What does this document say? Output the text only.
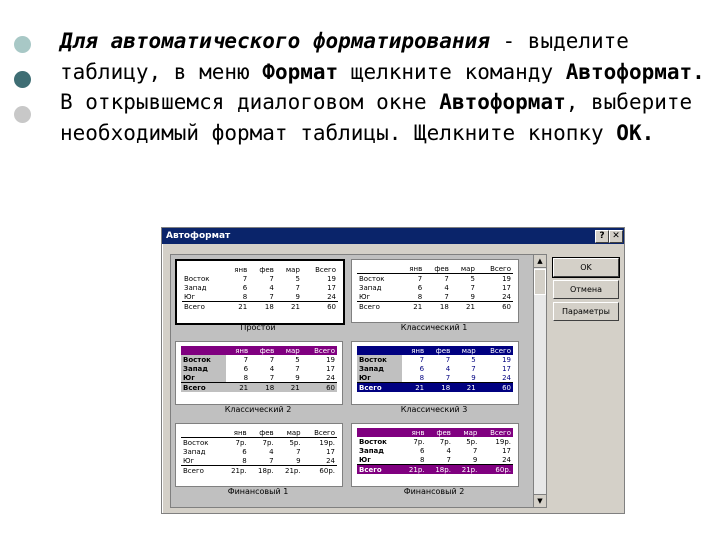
Для автоматического форматирования - выделите таблицу, в меню Формат щелкните команду Автоформат. В открывшемся диалоговом окне Автоформат, выберите необходимый формат таблицы. Щелкните кнопку OK.
Автоформат	? ✕
	янв	фев	мар	Всего
Восток	7	7	5	19
Запад	6	4	7	17
Юг	8	7	9	24
Всего	21	18	21	60
Простой
	янв	фев	мар	Всего
Восток	7	7	5	19
Запад	6	4	7	17
Юг	8	7	9	24
Всего	21	18	21	60
Классический 1
	янв	фев	мар	Всего
Восток	7	7	5	19
Запад	6	4	7	17
Юг	8	7	9	24
Всего	21	18	21	60
Классический 2
	янв	фев	мар	Всего
Восток	7	7	5	19
Запад	6	4	7	17
Юг	8	7	9	24
Всего	21	18	21	60
Классический 3
	янв	фев	мар	Всего
Восток	7р.	7р.	5р.	19р.
Запад	6	4	7	17
Юг	8	7	9	24
Всего	21р.	18р.	21р.	60р.
Финансовый 1
	янв	фев	мар	Всего
Восток	7р.	7р.	5р.	19р.
Запад	6	4	7	17
Юг	8	7	9	24
Всего	21р.	18р.	21р.	60р.
Финансовый 2
▲
▼
OK
Отмена
Параметры
